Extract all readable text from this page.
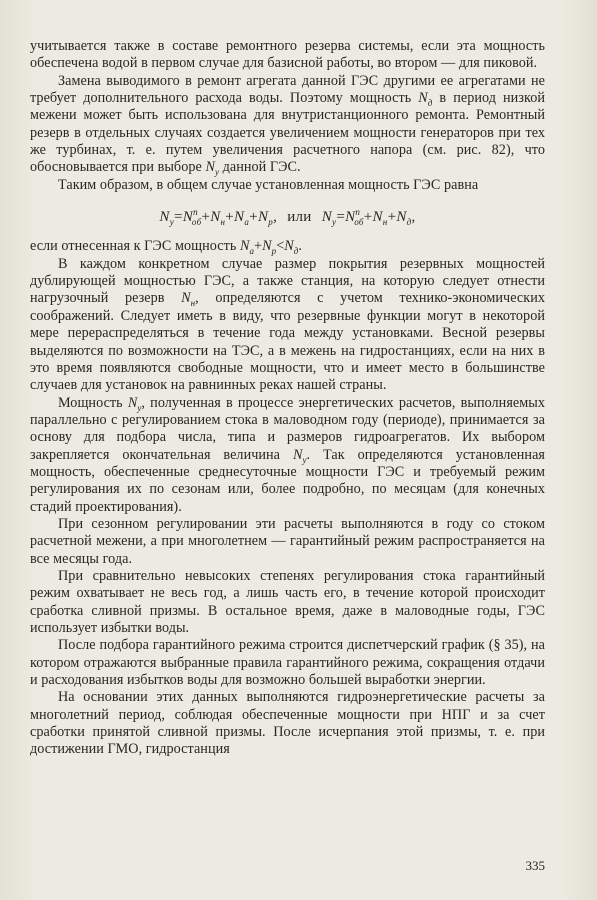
учитывается также в составе ремонтного резерва системы, если эта мощность обеспечена водой в первом случае для базисной работы, во втором — для пиковой.

Замена выводимого в ремонт агрегата данной ГЭС другими ее агрегатами не требует дополнительного расхода воды. Поэтому мощность $N_д$ в период низкой межени может быть использована для внутристанционного ремонта. Ремонтный резерв в отдельных случаях создается увеличением мощности генераторов при тех же турбинах, т. е. путем увеличения расчетного напора (см. рис. 82), что обосновывается при выборе $N_у$ данной ГЭС.

Таким образом, в общем случае установленная мощность ГЭС равна

$N_у=N^п_{об}+N_н+N_а+N_р$, или $N_у=N^п_{об}+N_н+N_д$,

если отнесенная к ГЭС мощность $N_а+N_р<N_д$.

В каждом конкретном случае размер покрытия резервных мощностей дублирующей мощностью ГЭС, а также станция, на которую следует отнести нагрузочный резерв $N_н$, определяются с учетом технико-экономических соображений. Следует иметь в виду, что резервные функции могут в некоторой мере перераспределяться в течение года между установками. Весной резервы выделяются по возможности на ТЭС, а в межень на гидростанциях, если на них в это время появляются свободные мощности, что и имеет место в большинстве случаев для установок на равнинных реках нашей страны.

Мощность $N_у$, полученная в процессе энергетических расчетов, выполняемых параллельно с регулированием стока в маловодном году (периоде), принимается за основу для подбора числа, типа и размеров гидроагрегатов. Их выбором закрепляется окончательная величина $N_у$. Так определяются установленная мощность, обеспеченные среднесуточные мощности ГЭС и требуемый режим регулирования их по сезонам или, более подробно, по месяцам (для конечных стадий проектирования).

При сезонном регулировании эти расчеты выполняются в году со стоком расчетной межени, а при многолетнем — гарантийный режим распространяется на все месяцы года.

При сравнительно невысоких степенях регулирования стока гарантийный режим охватывает не весь год, а лишь часть его, в течение которой происходит сработка сливной призмы. В остальное время, даже в маловодные годы, ГЭС использует избытки воды.

После подбора гарантийного режима строится диспетчерский график (§ 35), на котором отражаются выбранные правила гарантийного режима, сокращения отдачи и расходования избытков воды для возможно большей выработки энергии.

На основании этих данных выполняются гидроэнергетические расчеты за многолетний период, соблюдая обеспеченные мощности при НПГ и за счет сработки принятой сливной призмы. После исчерпания этой призмы, т. е. при достижении ГМО, гидростанция

335
